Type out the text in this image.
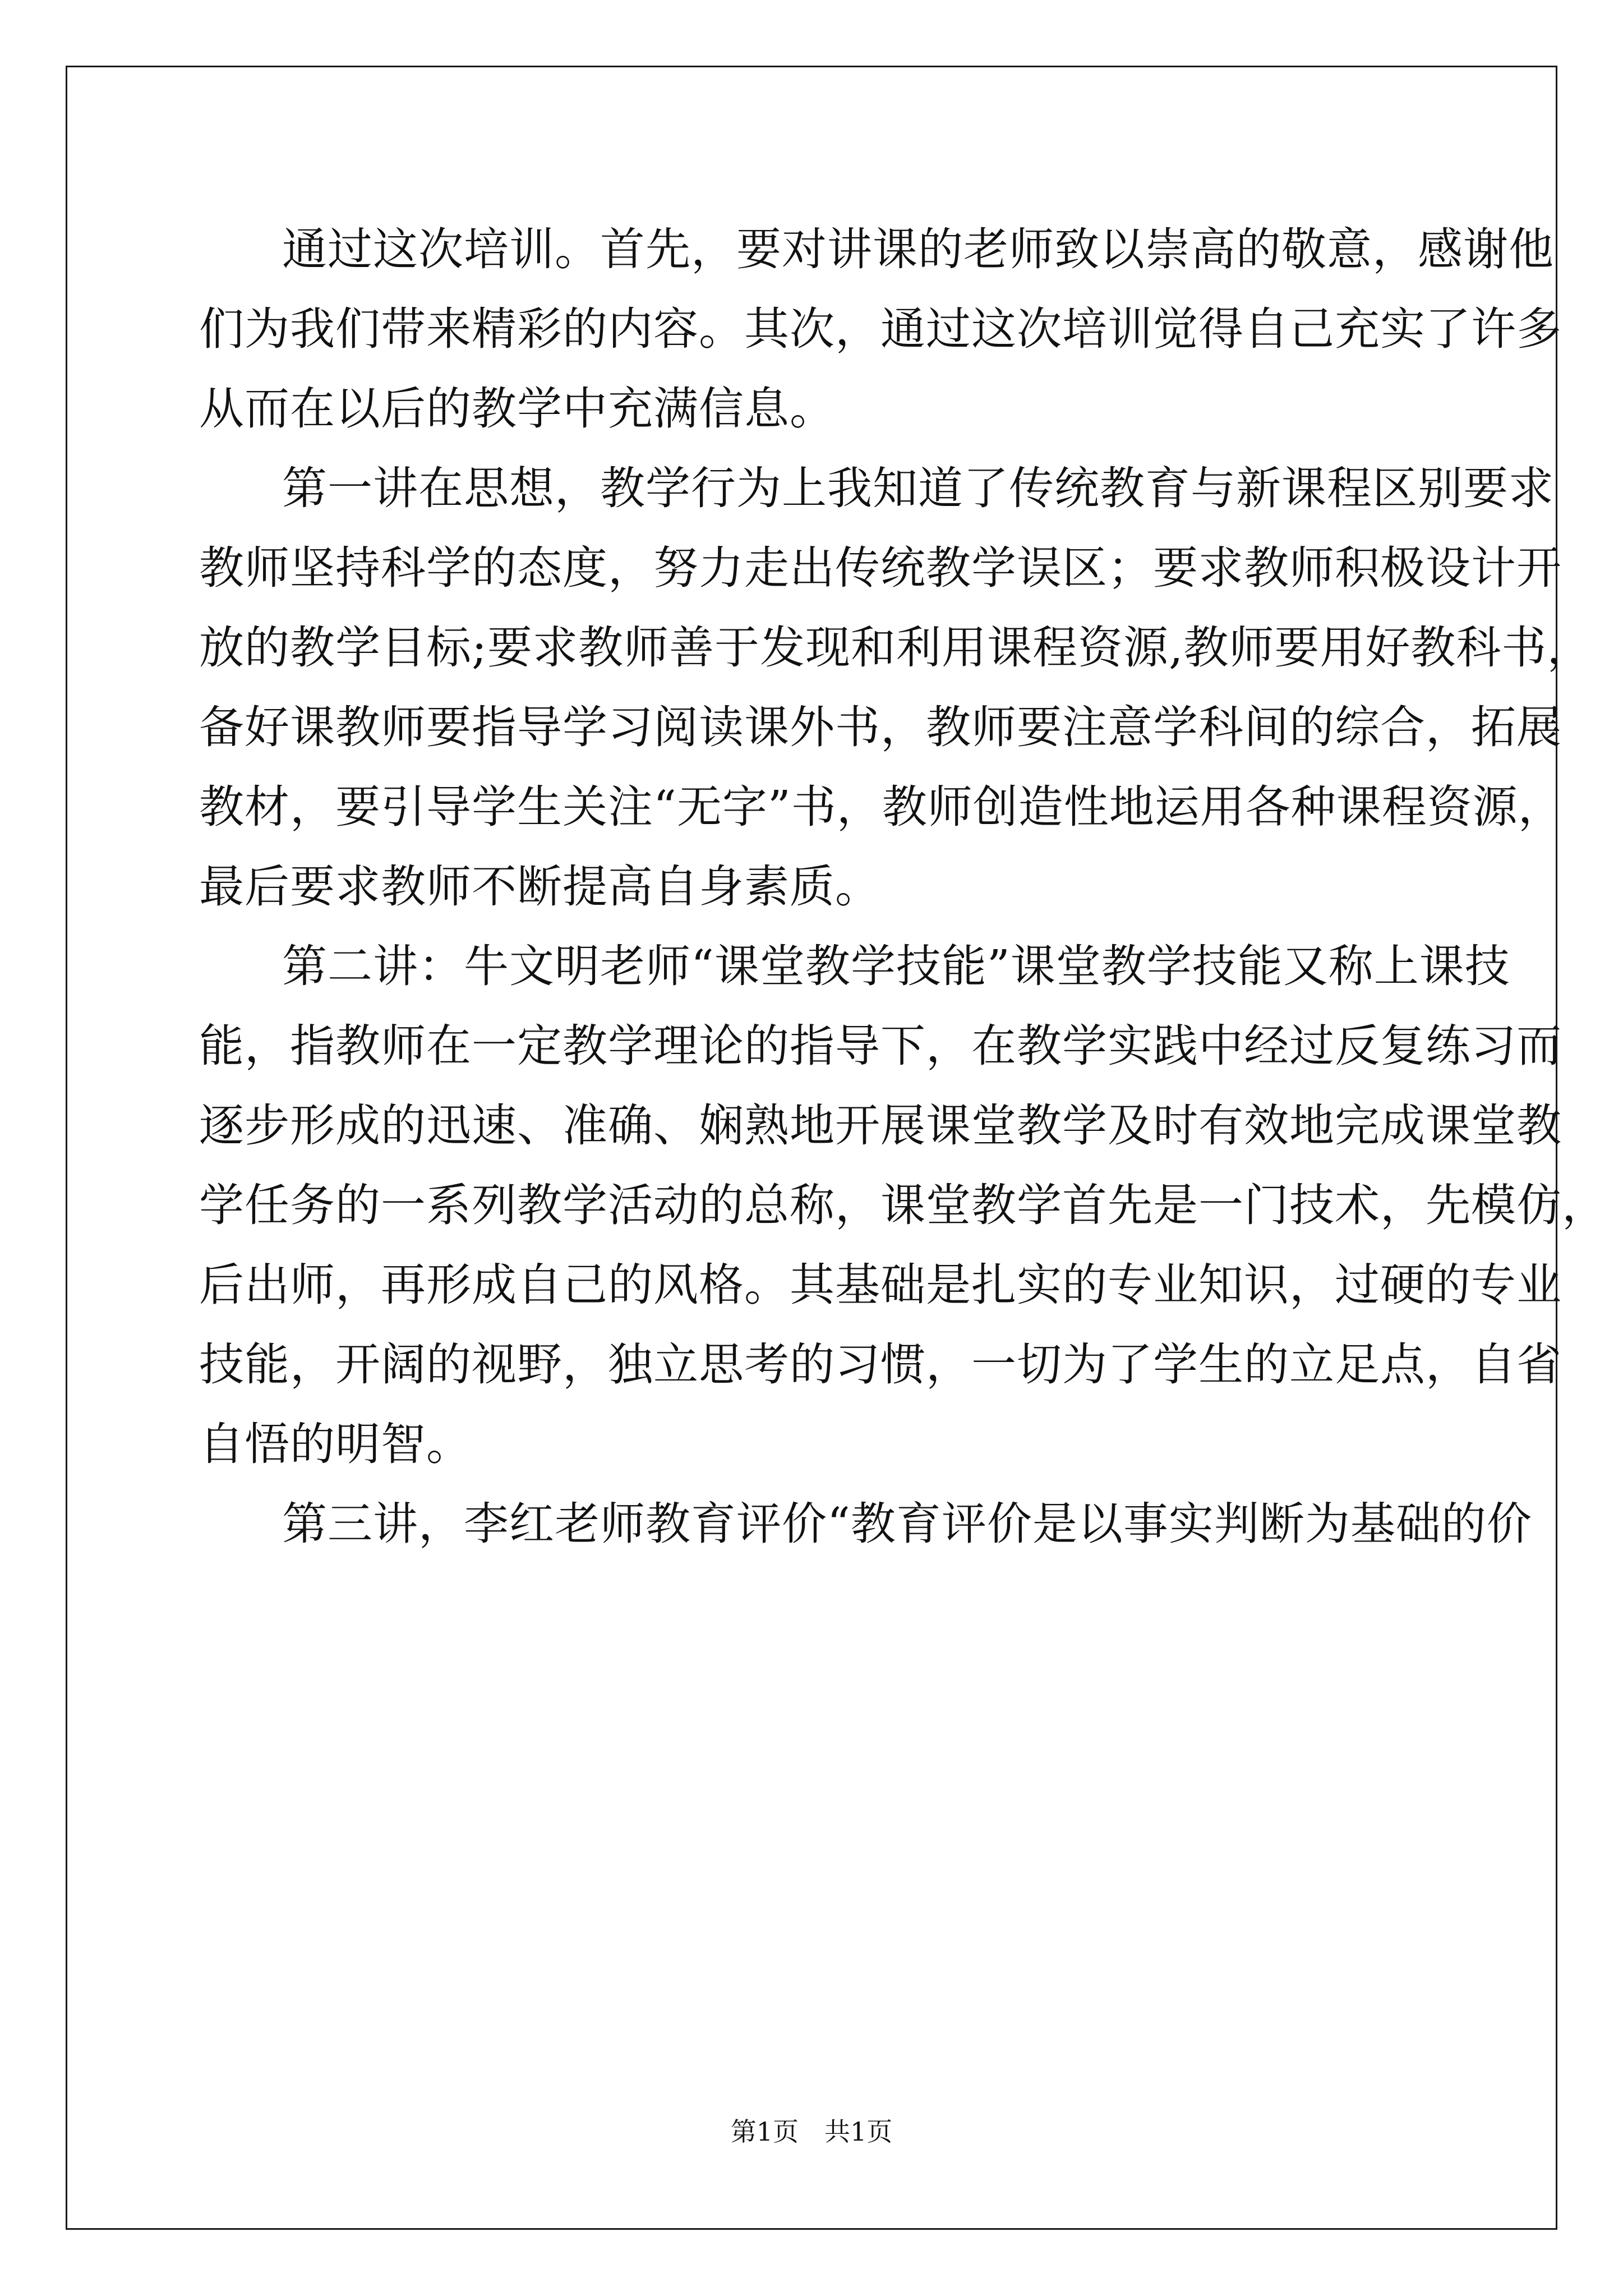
通过这次培训。首先，要对讲课的老师致以崇高的敬意，感谢他
们为我们带来精彩的内容。其次，通过这次培训觉得自己充实了许多
从而在以后的教学中充满信息。
第一讲在思想，教学行为上我知道了传统教育与新课程区别要求
教师坚持科学的态度，努力走出传统教学误区；要求教师积极设计开
放的教学目标;要求教师善于发现和利用课程资源,教师要用好教科书，
备好课教师要指导学习阅读课外书，教师要注意学科间的综合，拓展
教材，要引导学生关注“无字”书，教师创造性地运用各种课程资源，
最后要求教师不断提高自身素质。
第二讲：牛文明老师“课堂教学技能”课堂教学技能又称上课技
能，指教师在一定教学理论的指导下，在教学实践中经过反复练习而
逐步形成的迅速、准确、娴熟地开展课堂教学及时有效地完成课堂教
学任务的一系列教学活动的总称，课堂教学首先是一门技术，先模仿，
后出师，再形成自己的风格。其基础是扎实的专业知识，过硬的专业
技能，开阔的视野，独立思考的习惯，一切为了学生的立足点，自省
自悟的明智。
第三讲，李红老师教育评价“教育评价是以事实判断为基础的价
第1页　共1页
